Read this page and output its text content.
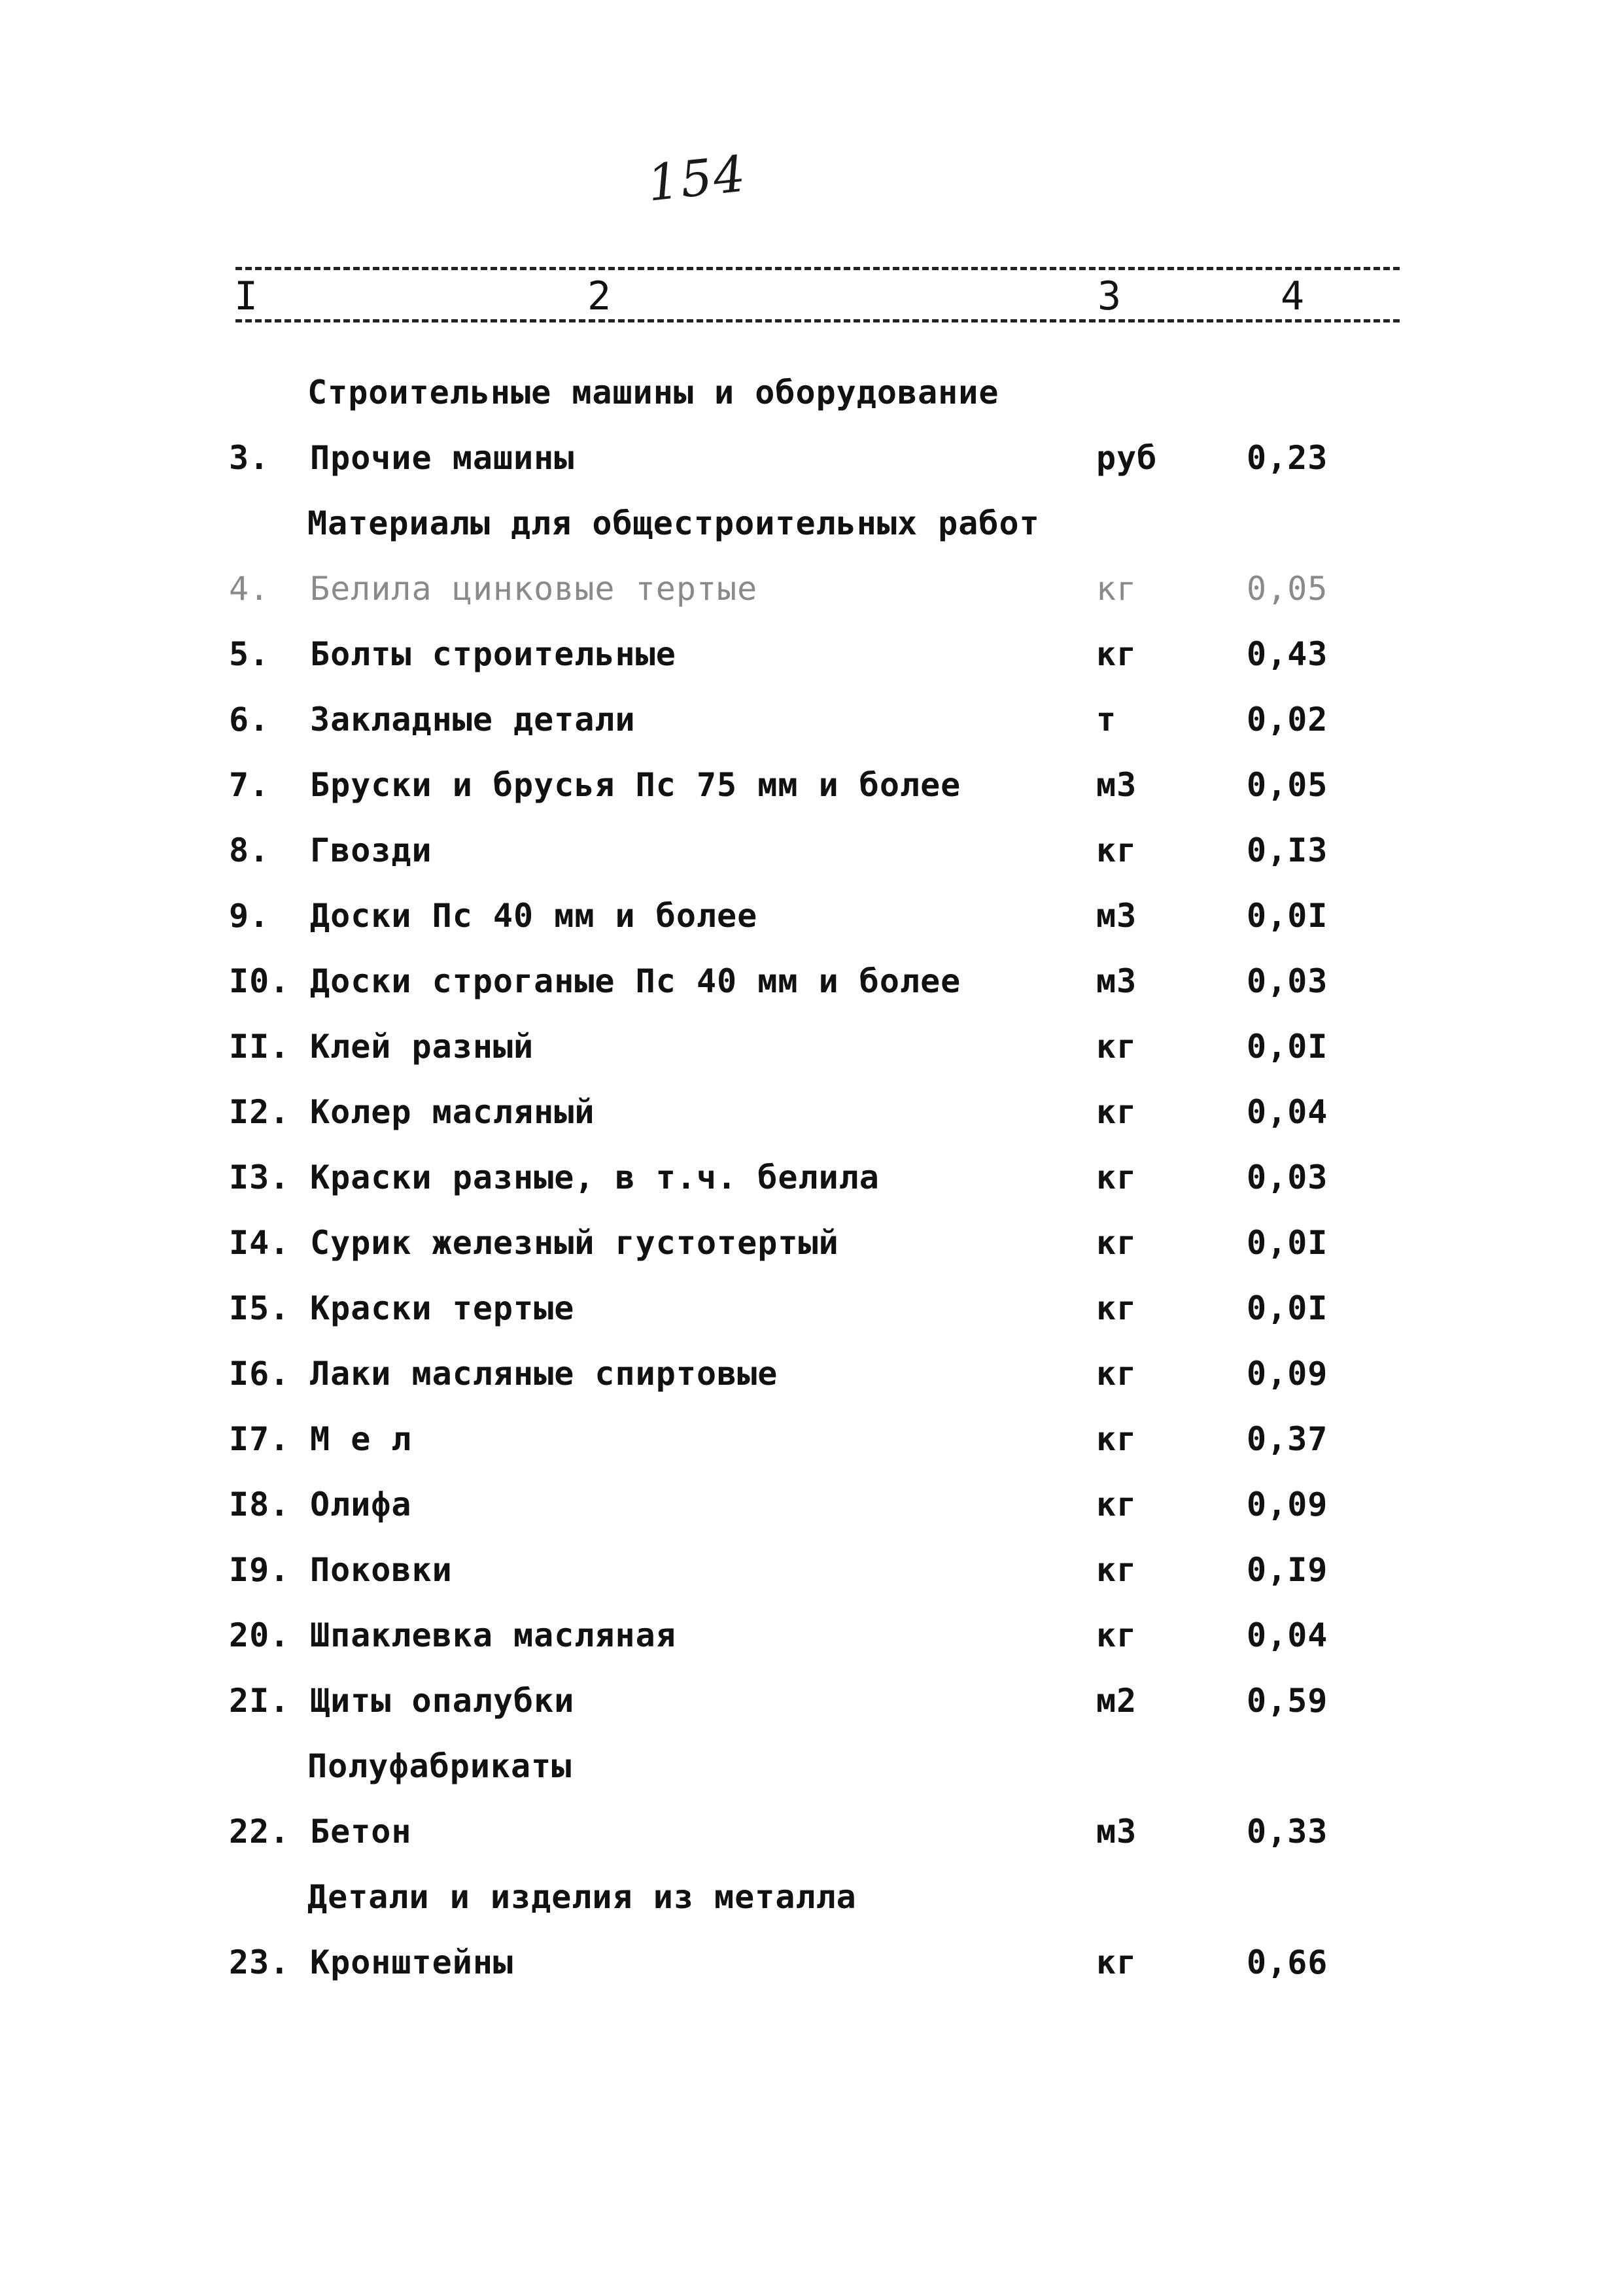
154
I	2	3	4
Строительные машины и оборудование
3. Прочие машины	руб	0,23
Материалы для общестроительных работ
4. Белила цинковые тертые	кг	0,05
5. Болты строительные	кг	0,43
6. Закладные детали	т	0,02
7. Бруски и брусья Пс 75 мм и более	м3	0,05
8. Гвозди	кг	0,I3
9. Доски Пс 40 мм и более	м3	0,0I
I0. Доски строганые Пс 40 мм и более	м3	0,03
II. Клей разный	кг	0,0I
I2. Колер масляный	кг	0,04
I3. Краски разные, в т.ч. белила	кг	0,03
I4. Сурик железный густотертый	кг	0,0I
I5. Краски тертые	кг	0,0I
I6. Лаки масляные спиртовые	кг	0,09
I7. М е л	кг	0,37
I8. Олифа	кг	0,09
I9. Поковки	кг	0,I9
20. Шпаклевка масляная	кг	0,04
2I. Щиты опалубки	м2	0,59
Полуфабрикаты
22. Бетон	м3	0,33
Детали и изделия из металла
23. Кронштейны	кг	0,66
